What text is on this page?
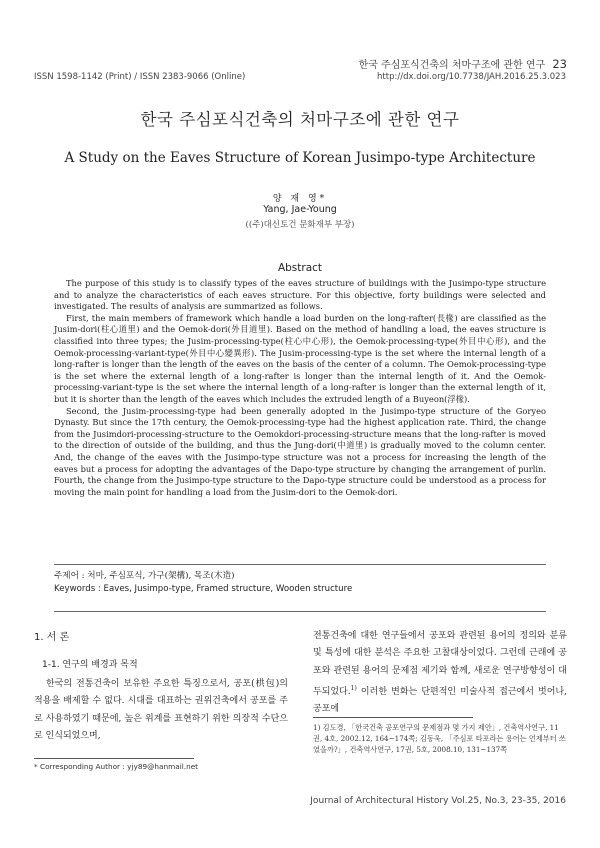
한국 주심포식건축의 처마구조에 관한 연구 23
ISSN 1598-1142 (Print) / ISSN 2383-9066 (Online)	http://dx.doi.org/10.7738/JAH.2016.25.3.023
한국 주심포식건축의 처마구조에 관한 연구
A Study on the Eaves Structure of Korean Jusimpo-type Architecture
양 재 영*
Yang, Jae-Young
((주)대신토건 문화재부 부장)
Abstract

The purpose of this study is to classify types of the eaves structure of buildings with the Jusimpo-type structure and to analyze the characteristics of each eaves structure. For this objective, forty buildings were selected and investigated. The results of analysis are summarized as follows.

First, the main members of framework which handle a load burden on the long-rafter(長椽) are classified as the Jusim-dori(柱心道里) and the Oemok-dori(外目道里). Based on the method of handling a load, the eaves structure is classified into three types; the Jusim-processing-type(柱心中心形), the Oemok-processing-type(外目中心形), and the Oemok-processing-variant-type(外目中心變異形). The Jusim-processing-type is the set where the internal length of a long-rafter is longer than the length of the eaves on the basis of the center of a column. The Oemok-processing-type is the set where the external length of a long-rafter is longer than the internal length of it. And the Oemok-processing-variant-type is the set where the internal length of a long-rafter is longer than the external length of it, but it is shorter than the length of the eaves which includes the extruded length of a Buyeon(浮椽).

Second, the Jusim-processing-type had been generally adopted in the Jusimpo-type structure of the Goryeo Dynasty. But since the 17th century, the Oemok-processing-type had the highest application rate. Third, the change from the Jusimdori-processing-structure to the Oemokdori-processing-structure means that the long-rafter is moved to the direction of outside of the building, and thus the Jung-dori(中道里) is gradually moved to the column center. And, the change of the eaves with the Jusimpo-type structure was not a process for increasing the length of the eaves but a process for adopting the advantages of the Dapo-type structure by changing the arrangement of purlin. Fourth, the change from the Jusimpo-type structure to the Dapo-type structure could be understood as a process for moving the main point for handling a load from the Jusim-dori to the Oemok-dori.

주제어 : 처마, 주심포식, 가구(架構), 목조(木造)
Keywords : Eaves, Jusimpo-type, Framed structure, Wooden structure
1. 서 론
1-1. 연구의 배경과 목적

한국의 전통건축이 보유한 주요한 특징으로서, 공포(栱包)의 적용을 배제할 수 없다. 시대를 대표하는 권위건축에서 공포를 주로 사용하였기 때문에, 높은 위계를 표현하기 위한 의장적 수단으로 인식되었으며,

전통건축에 대한 연구들에서 공포와 관련된 용어의 정의와 분류 및 특성에 대한 분석은 주요한 고찰대상이었다. 그런데 근래에 공포와 관련된 용어의 문제점 제기와 함께, 새로운 연구방향성이 대두되었다.$^{1)}$ 이러한 변화는 단편적인 미술사적 접근에서 벗어나, 공포에

* Corresponding Author : yjy89@hanmail.net
1) 김도경, 「한국건축 공포연구의 문제점과 몇 가지 제안」, 건축역사연구, 11권, 4호, 2002.12, 164~174쪽; 김동욱, 「주심포 타포라는 용어는 언제부터 쓰였을까?」, 건축역사연구, 17권, 5호, 2008.10, 131~137쪽
Journal of Architectural History Vol.25, No.3, 23-35, 2016
